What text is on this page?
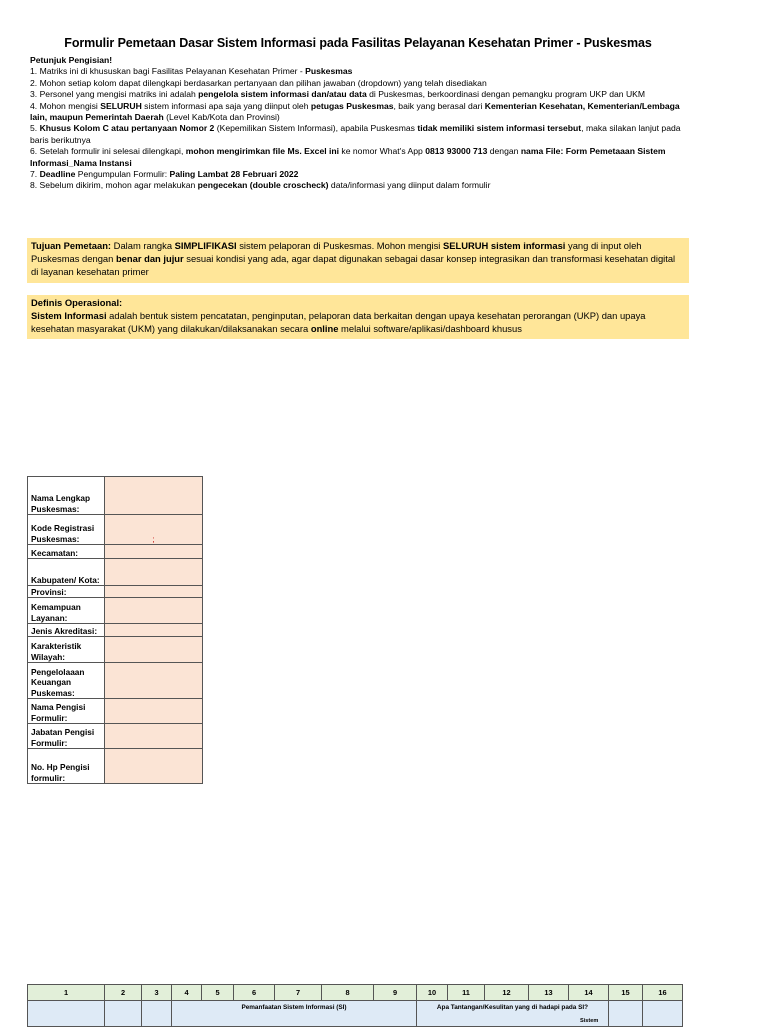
Formulir Pemetaan Dasar Sistem Informasi pada Fasilitas Pelayanan Kesehatan Primer - Puskesmas

Petunjuk Pengisian!

1. Matriks ini di khususkan bagi Fasilitas Pelayanan Kesehatan Primer - Puskesmas

2. Mohon setiap kolom dapat dilengkapi berdasarkan pertanyaan dan pilihan jawaban (dropdown) yang telah disediakan

3. Personel yang mengisi matriks ini adalah pengelola sistem informasi dan/atau data di Puskesmas, berkoordinasi dengan pemangku program UKP dan UKM

4. Mohon mengisi SELURUH sistem informasi apa saja yang diinput oleh petugas Puskesmas, baik yang berasal dari Kementerian Kesehatan, Kementerian/Lembaga lain, maupun Pemerintah Daerah (Level Kab/Kota dan Provinsi)

5. Khusus Kolom C atau pertanyaan Nomor 2 (Kepemilikan Sistem Informasi), apabila Puskesmas tidak memiliki sistem informasi tersebut, maka silakan lanjut pada baris berikutnya

6. Setelah formulir ini selesai dilengkapi, mohon mengirimkan file Ms. Excel ini ke nomor What's App 0813 93000 713 dengan nama File: Form Pemetaaan Sistem Informasi_Nama Instansi

7. Deadline Pengumpulan Formulir: Paling Lambat 28 Februari 2022

8. Sebelum dikirim, mohon agar melakukan pengecekan (double croscheck) data/informasi yang diinput dalam formulir

Tujuan Pemetaan: Dalam rangka SIMPLIFIKASI sistem pelaporan di Puskesmas. Mohon mengisi SELURUH sistem informasi yang di input oleh Puskesmas dengan benar dan jujur sesuai kondisi yang ada, agar dapat digunakan sebagai dasar konsep integrasikan dan transformasi kesehatan digital di layanan kesehatan primer

Definis Operasional:

Sistem Informasi adalah bentuk sistem pencatatan, penginputan, pelaporan data berkaitan dengan upaya kesehatan perorangan (UKP) dan upaya kesehatan masyarakat (UKM) yang dilakukan/dilaksanakan secara online melalui software/aplikasi/dashboard khusus

Nama Lengkap Puskesmas:	
Kode Registrasi Puskesmas:	;
Kecamatan:	
Kabupaten/ Kota:	
Provinsi:	
Kemampuan Layanan:	
Jenis Akreditasi:	
Karakteristik Wilayah:	
Pengelolaaan Keuangan Puskemas:	
Nama Pengisi Formulir:	
Jabatan Pengisi Formulir:	
No. Hp Pengisi formulir:	
1	2	3	4	5	6	7	8	9	10	11	12	13	14	15	16
			Pemanfaatan Sistem Informasi (SI)						Apa Tantangan/Kesulitan yang di hadapi pada SI?						
Sistem
